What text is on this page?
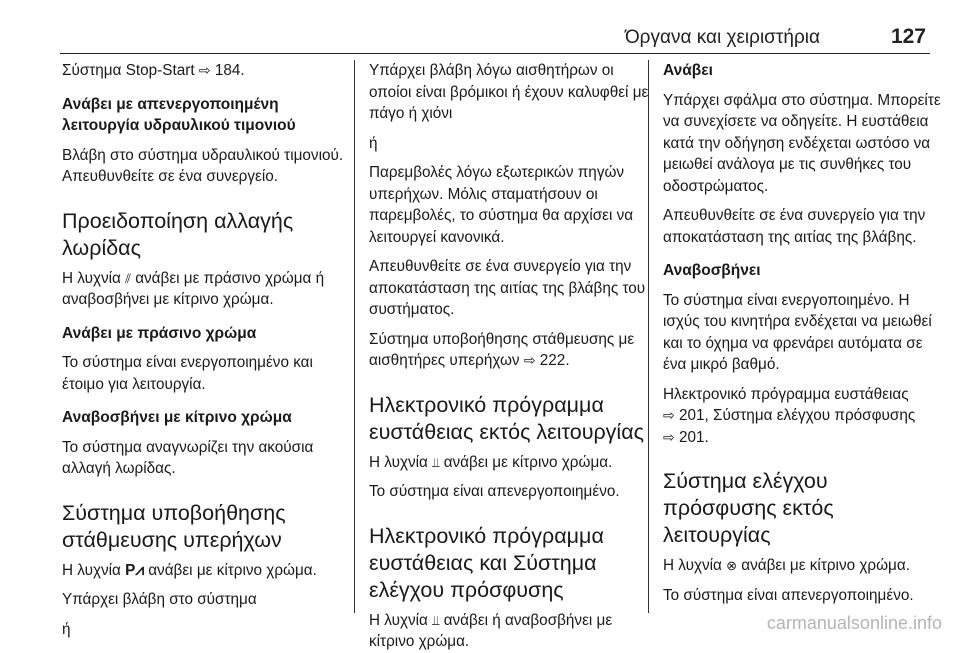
Όργανα και χειριστήρια	127

Σύστημα Stop-Start ⇨ 184.

Ανάβει με απενεργοποιημένη λειτουργία υδραυλικού τιμονιού

Βλάβη στο σύστημα υδραυλικού τιμονιού. Απευθυνθείτε σε ένα συνεργείο.

Προειδοποίηση αλλαγής λωρίδας

Η λυχνία ⫽ ανάβει με πράσινο χρώμα ή αναβοσβήνει με κίτρινο χρώμα.

Ανάβει με πράσινο χρώμα

Το σύστημα είναι ενεργοποιημένο και έτοιμο για λειτουργία.

Αναβοσβήνει με κίτρινο χρώμα

Το σύστημα αναγνωρίζει την ακούσια αλλαγή λωρίδας.

Σύστημα υποβοήθησης στάθμευσης υπερήχων

Η λυχνία P⩘ ανάβει με κίτρινο χρώμα.

Υπάρχει βλάβη στο σύστημα

ή

Υπάρχει βλάβη λόγω αισθητήρων οι οποίοι είναι βρόμικοι ή έχουν καλυφθεί με πάγο ή χιόνι

ή

Παρεμβολές λόγω εξωτερικών πηγών υπερήχων. Μόλις σταματήσουν οι παρεμβολές, το σύστημα θα αρχίσει να λειτουργεί κανονικά.

Απευθυνθείτε σε ένα συνεργείο για την αποκατάσταση της αιτίας της βλάβης του συστήματος.

Σύστημα υποβοήθησης στάθμευσης με αισθητήρες υπερήχων ⇨ 222.

Ηλεκτρονικό πρόγραμμα ευστάθειας εκτός λειτουργίας

Η λυχνία ⫫ ανάβει με κίτρινο χρώμα.

Το σύστημα είναι απενεργοποιημένο.

Ηλεκτρονικό πρόγραμμα ευστάθειας και Σύστημα ελέγχου πρόσφυσης

Η λυχνία ⫫ ανάβει ή αναβοσβήνει με κίτρινο χρώμα.

Ανάβει

Υπάρχει σφάλμα στο σύστημα. Μπορείτε να συνεχίσετε να οδηγείτε. Η ευστάθεια κατά την οδήγηση ενδέχεται ωστόσο να μειωθεί ανάλογα με τις συνθήκες του οδοστρώματος.

Απευθυνθείτε σε ένα συνεργείο για την αποκατάσταση της αιτίας της βλάβης.

Αναβοσβήνει

Το σύστημα είναι ενεργοποιημένο. Η ισχύς του κινητήρα ενδέχεται να μειωθεί και το όχημα να φρενάρει αυτόματα σε ένα μικρό βαθμό.

Ηλεκτρονικό πρόγραμμα ευστάθειας
⇨ 201, Σύστημα ελέγχου πρόσφυσης
⇨ 201.

Σύστημα ελέγχου πρόσφυσης εκτός λειτουργίας

Η λυχνία ⊗ ανάβει με κίτρινο χρώμα.

Το σύστημα είναι απενεργοποιημένο.

carmanualsonline.info
